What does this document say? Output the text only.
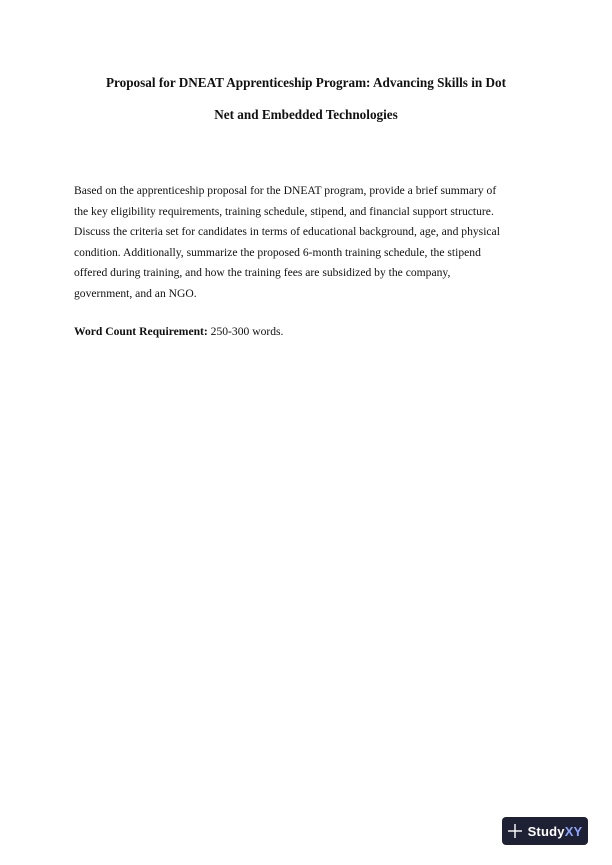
Proposal for DNEAT Apprenticeship Program: Advancing Skills in Dot

Net and Embedded Technologies

Based on the apprenticeship proposal for the DNEAT program, provide a brief summary of
the key eligibility requirements, training schedule, stipend, and financial support structure.
Discuss the criteria set for candidates in terms of educational background, age, and physical
condition. Additionally, summarize the proposed 6-month training schedule, the stipend
offered during training, and how the training fees are subsidized by the company,
government, and an NGO.

Word Count Requirement: 250-300 words.

StudyXY
